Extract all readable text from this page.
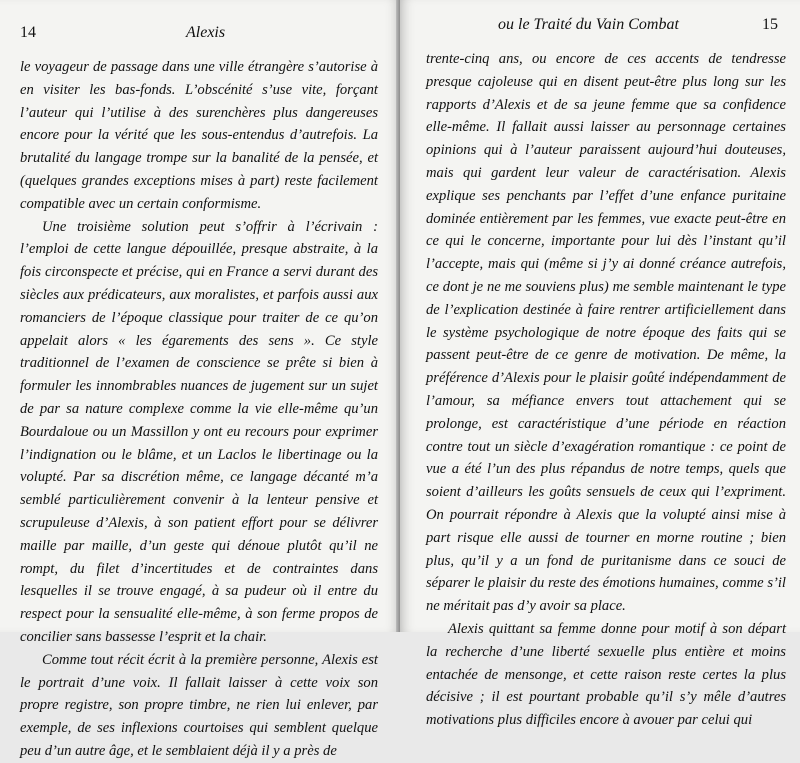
14	Alexis

le voyageur de passage dans une ville étrangère s’autorise à en visiter les bas-fonds. L’obscénité s’use vite, forçant l’auteur qui l’utilise à des surenchères plus dangereuses encore pour la vérité que les sous-entendus d’autrefois. La brutalité du langage trompe sur la banalité de la pensée, et (quelques grandes exceptions mises à part) reste facilement compatible avec un certain conformisme.

Une troisième solution peut s’offrir à l’écrivain : l’emploi de cette langue dépouillée, presque abstraite, à la fois circonspecte et précise, qui en France a servi durant des siècles aux prédicateurs, aux moralistes, et parfois aussi aux romanciers de l’époque classique pour traiter de ce qu’on appelait alors « les égarements des sens ». Ce style traditionnel de l’examen de conscience se prête si bien à formuler les innombrables nuances de jugement sur un sujet de par sa nature complexe comme la vie elle-même qu’un Bourdaloue ou un Massillon y ont eu recours pour exprimer l’indignation ou le blâme, et un Laclos le libertinage ou la volupté. Par sa discrétion même, ce langage décanté m’a semblé particulièrement convenir à la lenteur pensive et scrupuleuse d’Alexis, à son patient effort pour se délivrer maille par maille, d’un geste qui dénoue plutôt qu’il ne rompt, du filet d’incertitudes et de contraintes dans lesquelles il se trouve engagé, à sa pudeur où il entre du respect pour la sensualité elle-même, à son ferme propos de concilier sans bassesse l’esprit et la chair.

Comme tout récit écrit à la première personne, Alexis est le portrait d’une voix. Il fallait laisser à cette voix son propre registre, son propre timbre, ne rien lui enlever, par exemple, de ses inflexions courtoises qui semblent quelque peu d’un autre âge, et le semblaient déjà il y a près de

ou le Traité du Vain Combat	15

trente-cinq ans, ou encore de ces accents de tendresse presque cajoleuse qui en disent peut-être plus long sur les rapports d’Alexis et de sa jeune femme que sa confidence elle-même. Il fallait aussi laisser au personnage certaines opinions qui à l’auteur paraissent aujourd’hui douteuses, mais qui gardent leur valeur de caractérisation. Alexis explique ses penchants par l’effet d’une enfance puritaine dominée entièrement par les femmes, vue exacte peut-être en ce qui le concerne, importante pour lui dès l’instant qu’il l’accepte, mais qui (même si j’y ai donné créance autrefois, ce dont je ne me souviens plus) me semble maintenant le type de l’explication destinée à faire rentrer artificiellement dans le système psychologique de notre époque des faits qui se passent peut-être de ce genre de motivation. De même, la préférence d’Alexis pour le plaisir goûté indépendamment de l’amour, sa méfiance envers tout attachement qui se prolonge, est caractéristique d’une période en réaction contre tout un siècle d’exagération romantique : ce point de vue a été l’un des plus répandus de notre temps, quels que soient d’ailleurs les goûts sensuels de ceux qui l’expriment. On pourrait répondre à Alexis que la volupté ainsi mise à part risque elle aussi de tourner en morne routine ; bien plus, qu’il y a un fond de puritanisme dans ce souci de séparer le plaisir du reste des émotions humaines, comme s’il ne méritait pas d’y avoir sa place.

Alexis quittant sa femme donne pour motif à son départ la recherche d’une liberté sexuelle plus entière et moins entachée de mensonge, et cette raison reste certes la plus décisive ; il est pourtant probable qu’il s’y mêle d’autres motivations plus difficiles encore à avouer par celui qui
